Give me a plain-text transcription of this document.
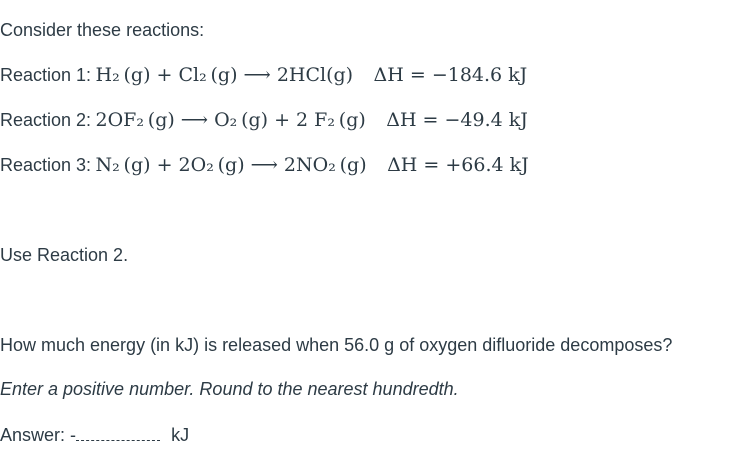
Consider these reactions:
Reaction 1: H₂ (g) + Cl₂ (g) ⟶ 2HCl(g) ΔH = −184.6 kJ
Reaction 2: 2OF₂ (g) ⟶ O₂ (g) + 2 F₂ (g) ΔH = −49.4 kJ
Reaction 3: N₂ (g) + 2O₂ (g) ⟶ 2NO₂ (g) ΔH = +66.4 kJ
Use Reaction 2.
How much energy (in kJ) is released when 56.0 g of oxygen difluoride decomposes?
Enter a positive number. Round to the nearest hundredth.
Answer: -	kJ
